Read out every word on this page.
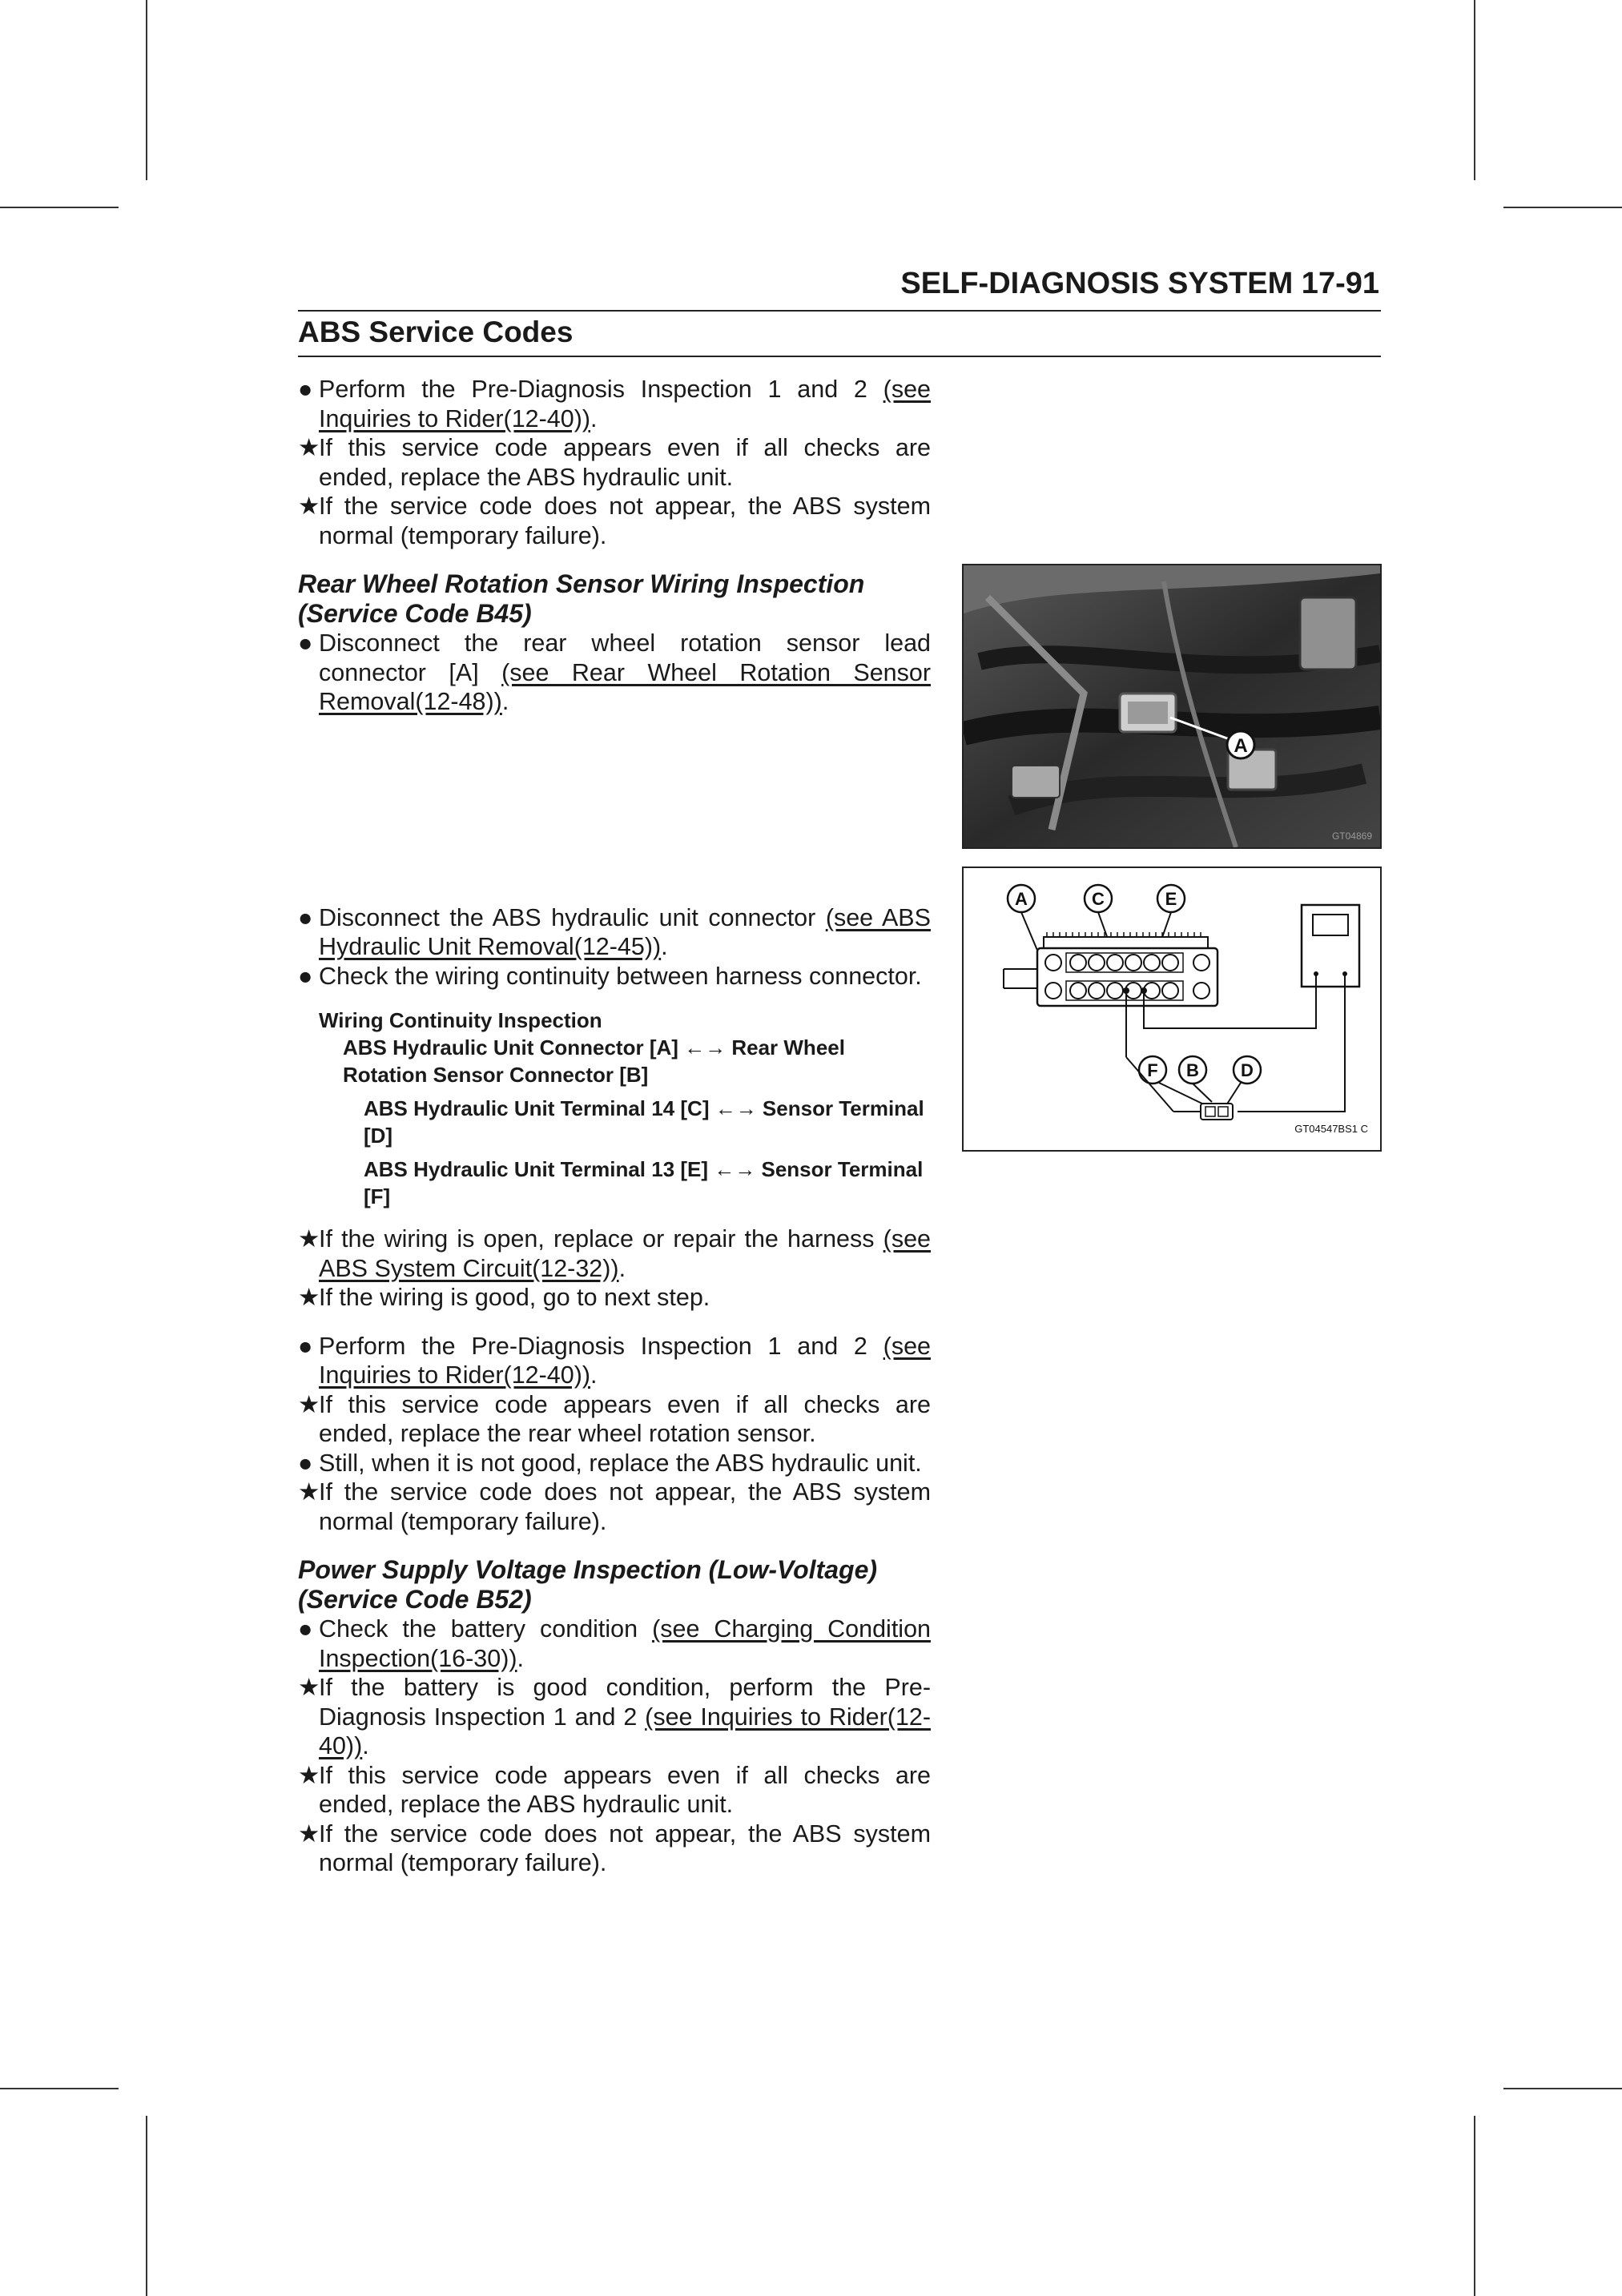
SELF-DIAGNOSIS SYSTEM 17-91
ABS Service Codes
● Perform the Pre-Diagnosis Inspection 1 and 2 (see Inquiries to Rider(12-40)).
★
If this service code appears even if all checks are ended, replace the ABS hydraulic unit.
★
If the service code does not appear, the ABS system normal (temporary failure).
Rear Wheel Rotation Sensor Wiring Inspection
(Service Code B45)
● Disconnect the rear wheel rotation sensor lead connector [A] (see Rear Wheel Rotation Sensor Removal(12-48)).
● Disconnect the ABS hydraulic unit connector (see ABS Hydraulic Unit Removal(12-45)).
● Check the wiring continuity between harness connector.
Wiring Continuity Inspection
ABS Hydraulic Unit Connector [A] ←→ Rear Wheel Rotation Sensor Connector [B]
ABS Hydraulic Unit Terminal 14 [C] ←→ Sensor Terminal [D]
ABS Hydraulic Unit Terminal 13 [E] ←→ Sensor Terminal [F]
★
If the wiring is open, replace or repair the harness (see ABS System Circuit(12-32)).
★
If the wiring is good, go to next step.
● Perform the Pre-Diagnosis Inspection 1 and 2 (see Inquiries to Rider(12-40)).
★
If this service code appears even if all checks are ended, replace the rear wheel rotation sensor.
● Still, when it is not good, replace the ABS hydraulic unit.
★
If the service code does not appear, the ABS system normal (temporary failure).
Power Supply Voltage Inspection (Low-Voltage)
(Service Code B52)
● Check the battery condition (see Charging Condition Inspection(16-30)).
★
If the battery is good condition, perform the Pre-Diagnosis Inspection 1 and 2 (see Inquiries to Rider(12-40)).
★
If this service code appears even if all checks are ended, replace the ABS hydraulic unit.
★
If the service code does not appear, the ABS system normal (temporary failure).
A
GT04869
A	C	E
F B D
GT04547BS1 C
